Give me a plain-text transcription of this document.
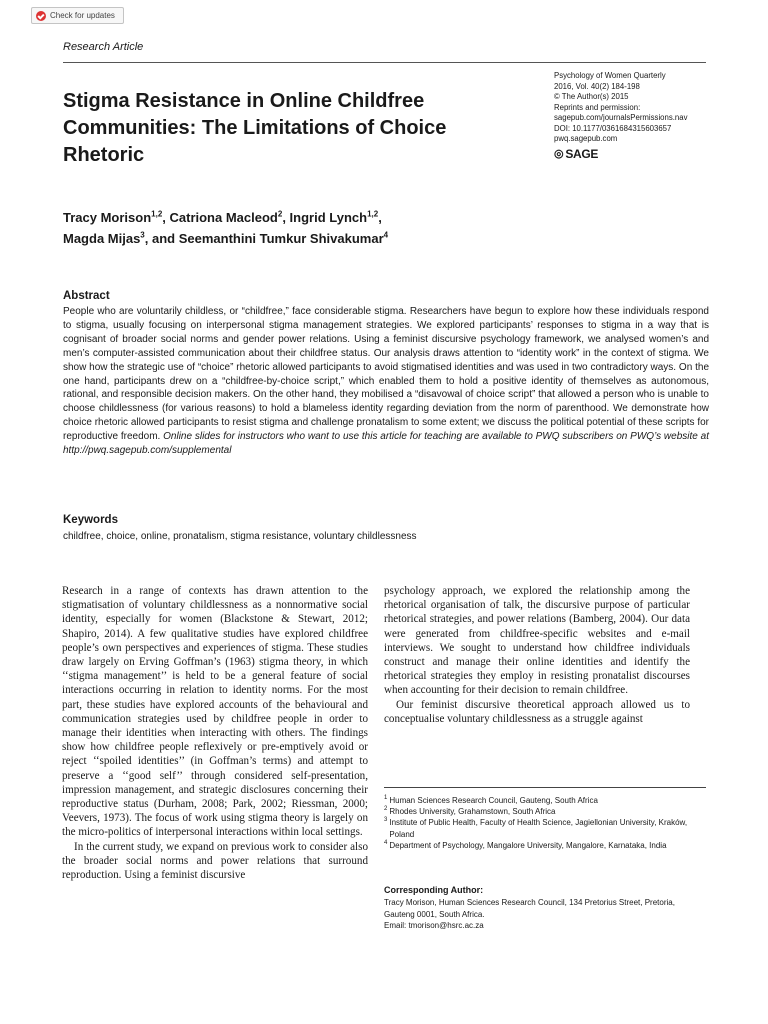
Check for updates
Research Article
Stigma Resistance in Online Childfree Communities: The Limitations of Choice Rhetoric
Psychology of Women Quarterly
2016, Vol. 40(2) 184-198
© The Author(s) 2015
Reprints and permission:
sagepub.com/journalsPermissions.nav
DOI: 10.1177/0361684315603657
pwq.sagepub.com
◎ SAGE
Tracy Morison$^{1,2}$, Catriona Macleod$^2$, Ingrid Lynch$^{1,2}$,
Magda Mijas$^3$, and Seemanthini Tumkur Shivakumar$^4$
Abstract
People who are voluntarily childless, or “childfree,” face considerable stigma. Researchers have begun to explore how these individuals respond to stigma, usually focusing on interpersonal stigma management strategies. We explored participants’ responses to stigma in a way that is cognisant of broader social norms and gender power relations. Using a feminist discursive psychology framework, we analysed women’s and men’s computer-assisted communication about their childfree status. Our analysis draws attention to “identity work” in the context of stigma. We show how the strategic use of “choice” rhetoric allowed participants to avoid stigmatised identities and was used in two contradictory ways. On the one hand, participants drew on a “childfree-by-choice script,” which enabled them to hold a positive identity of themselves as autonomous, rational, and responsible decision makers. On the other hand, they mobilised a “disavowal of choice script” that allowed a person who is unable to choose childlessness (for various reasons) to hold a blameless identity regarding deviation from the norm of parenthood. We demonstrate how choice rhetoric allowed participants to resist stigma and challenge pronatalism to some extent; we discuss the political potential of these scripts for reproductive freedom. Online slides for instructors who want to use this article for teaching are available to PWQ subscribers on PWQ’s website at http://pwq.sagepub.com/supplemental
Keywords
childfree, choice, online, pronatalism, stigma resistance, voluntary childlessness

Research in a range of contexts has drawn attention to the stigmatisation of voluntary childlessness as a nonnormative social identity, especially for women (Blackstone & Stewart, 2012; Shapiro, 2014). A few qualitative studies have explored childfree people’s own perspectives and experiences of stigma. These studies draw largely on Erving Goffman’s (1963) stigma theory, in which ‘‘stigma management’’ is held to be a general feature of social interactions occurring in relation to identity norms. For the most part, these studies have explored accounts of the behavioural and communication strategies used by childfree people in order to manage their identities when interacting with others. The findings show how childfree people reflexively or pre-emptively avoid or reject ‘‘spoiled identities’’ (in Goffman’s terms) and attempt to preserve a ‘‘good self’’ through considered self-presentation, impression management, and strategic disclosures concerning their reproductive status (Durham, 2008; Park, 2002; Riessman, 2000; Veevers, 1973). The focus of work using stigma theory is largely on the micro-politics of interpersonal interactions within local settings.

In the current study, we expand on previous work to consider also the broader social norms and power relations that surround reproduction. Using a feminist discursive

psychology approach, we explored the relationship among the rhetorical organisation of talk, the discursive purpose of particular rhetorical strategies, and power relations (Bamberg, 2004). Our data were generated from childfree-specific websites and e-mail interviews. We sought to understand how childfree individuals construct and manage their online identities and identify the rhetorical strategies they employ in resisting pronatalist discourses when accounting for their decision to remain childfree.

Our feminist discursive theoretical approach allowed us to conceptualise voluntary childlessness as a struggle against

1 Human Sciences Research Council, Gauteng, South Africa
2 Rhodes University, Grahamstown, South Africa
3 Institute of Public Health, Faculty of Health Science, Jagiellonian University, Kraków, Poland
4 Department of Psychology, Mangalore University, Mangalore, Karnataka, India
Corresponding Author:
Tracy Morison, Human Sciences Research Council, 134 Pretorius Street, Pretoria, Gauteng 0001, South Africa.
Email: tmorison@hsrc.ac.za
